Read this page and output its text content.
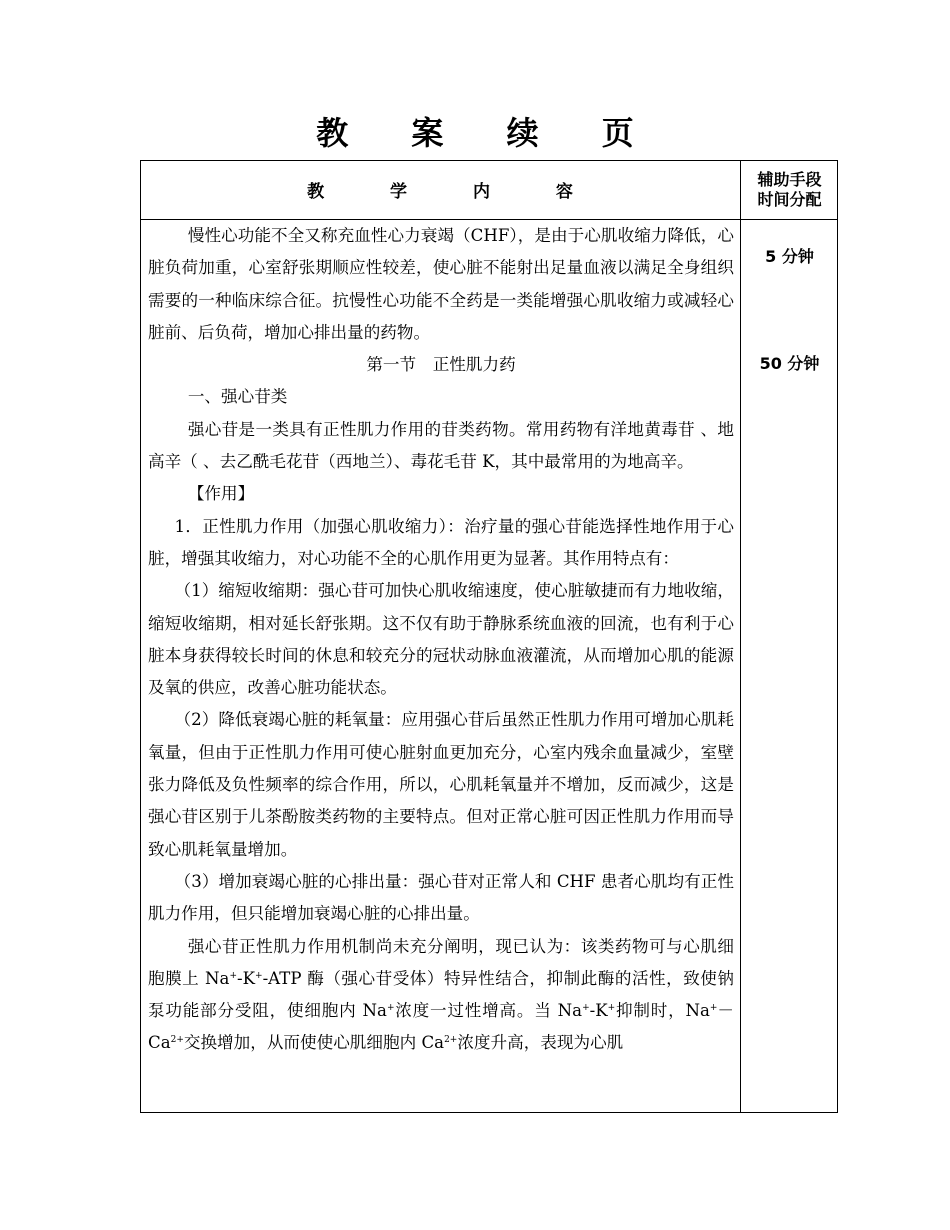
教 案 续 页
教 学 内 容
辅助手段
时间分配
5 分钟
50 分钟

慢性心功能不全又称充血性心力衰竭（CHF），是由于心肌收缩力降低，心脏负荷加重，心室舒张期顺应性较差，使心脏不能射出足量血液以满足全身组织需要的一种临床综合征。抗慢性心功能不全药是一类能增强心肌收缩力或减轻心脏前、后负荷，增加心排出量的药物。

第一节　正性肌力药

一、强心苷类

强心苷是一类具有正性肌力作用的苷类药物。常用药物有洋地黄毒苷 、地高辛（ 、去乙酰毛花苷（西地兰）、毒花毛苷 K，其中最常用的为地高辛。

【作用】

1．正性肌力作用（加强心肌收缩力）：治疗量的强心苷能选择性地作用于心脏，增强其收缩力，对心功能不全的心肌作用更为显著。其作用特点有：

（1）缩短收缩期：强心苷可加快心肌收缩速度，使心脏敏捷而有力地收缩，缩短收缩期，相对延长舒张期。这不仅有助于静脉系统血液的回流，也有利于心脏本身获得较长时间的休息和较充分的冠状动脉血液灌流，从而增加心肌的能源及氧的供应，改善心脏功能状态。

（2）降低衰竭心脏的耗氧量：应用强心苷后虽然正性肌力作用可增加心肌耗氧量，但由于正性肌力作用可使心脏射血更加充分，心室内残余血量减少，室壁张力降低及负性频率的综合作用，所以，心肌耗氧量并不增加，反而减少，这是强心苷区别于儿茶酚胺类药物的主要特点。但对正常心脏可因正性肌力作用而导致心肌耗氧量增加。

（3）增加衰竭心脏的心排出量：强心苷对正常人和 CHF 患者心肌均有正性肌力作用，但只能增加衰竭心脏的心排出量。

强心苷正性肌力作用机制尚未充分阐明，现已认为：该类药物可与心肌细胞膜上 Na+-K+-ATP 酶（强心苷受体）特异性结合，抑制此酶的活性，致使钠泵功能部分受阻，使细胞内 Na+浓度一过性增高。当 Na+-K+抑制时，$Na^+-Ca^{2+}$交换增加，从而使使心肌细胞内 $Ca^{2+}$浓度升高，表现为心肌
